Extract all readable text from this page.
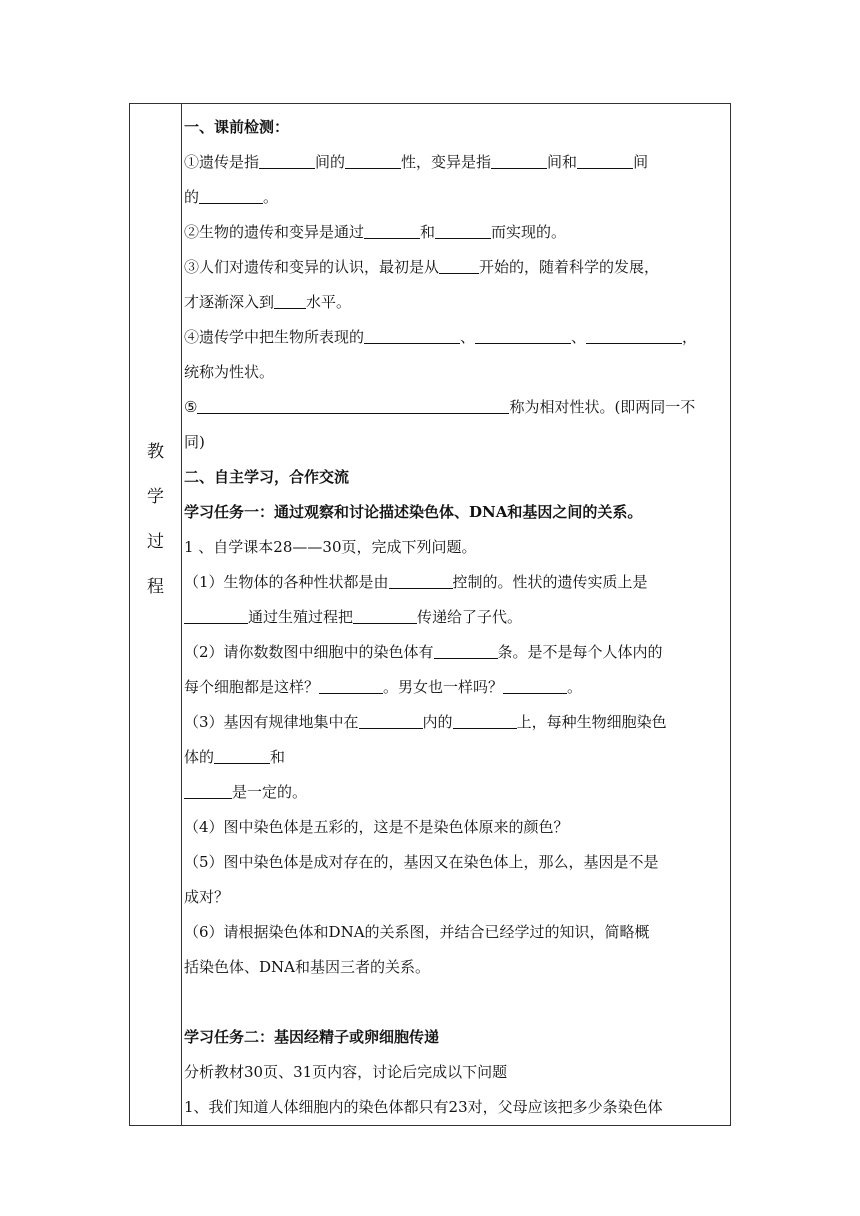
教
学
过
程

一、课前检测：

①遗传是指	间的	性，变异是指	间和	间

的	。

②生物的遗传和变异是通过	和	而实现的。

③人们对遗传和变异的认识，最初是从	开始的，随着科学的发展，

才逐渐深入到 水平。

④遗传学中把生物所表现的	、	、	，

统称为性状。

⑤	称为相对性状。(即两同一不

同)

二、自主学习，合作交流

学习任务一：通过观察和讨论描述染色体、DNA和基因之间的关系。

1 、自学课本28——30页，完成下列问题。

（1）生物体的各种性状都是由	控制的。性状的遗传实质上是

通过生殖过程把	传递给了子代。

（2）请你数数图中细胞中的染色体有	条。是不是每个人体内的

每个细胞都是这样？	。男女也一样吗？	。

（3）基因有规律地集中在	内的	上，每种生物细胞染色

体的	和

是一定的。

（4）图中染色体是五彩的，这是不是染色体原来的颜色？

（5）图中染色体是成对存在的，基因又在染色体上，那么，基因是不是

成对？

（6）请根据染色体和DNA的关系图，并结合已经学过的知识，简略概

括染色体、DNA和基因三者的关系。

学习任务二：基因经精子或卵细胞传递

分析教材30页、31页内容，讨论后完成以下问题

1、我们知道人体细胞内的染色体都只有23对，父母应该把多少条染色体
